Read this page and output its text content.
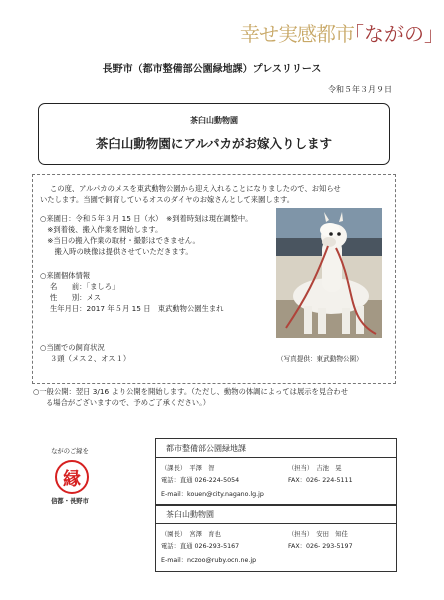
幸せ実感都市
「ながの」
長野市（都市整備部公園緑地課）プレスリリース
令和５年３月９日
茶臼山動物園
茶臼山動物園にアルパカがお嫁入りします
この度、アルパカのメスを東武動物公園から迎え入れることになりましたので、お知らせ
いたします。当園で飼育しているオスのダイヤのお嫁さんとして来園します。
○来園日：令和５年３月 15 日（水）　※到着時刻は現在調整中。
　※到着後、搬入作業を開始します。
　※当日の搬入作業の取材・撮影はできません。
　　搬入時の映像は提供させていただきます。
○来園個体情報
名　　前：「ましろ」
性　　別：メス
生年月日：2017 年５月 15 日　東武動物公園生まれ
○当園での飼育状況
３頭（メス２、オス１）	（写真提供：東武動物公園）
○一般公開：翌日 3/16 より公開を開始します。（ただし、動物の体調によっては展示を見合わせ
る場合がございますので、予めご了承ください。）
ながのご縁を
縁
信都・長野市
都市整備部公園緑地課
（課長）　平澤　智	（担当）　吉池　晃
電話：直通 026-224-5054	FAX：026- 224-5111
E-mail：kouen@city.nagano.lg.jp
茶臼山動物園
（園長）　宮澤　育也	（担当）　安田　知佳
電話：直通 026-293-5167	FAX：026- 293-5197
E-mail：nczoo@ruby.ocn.ne.jp
